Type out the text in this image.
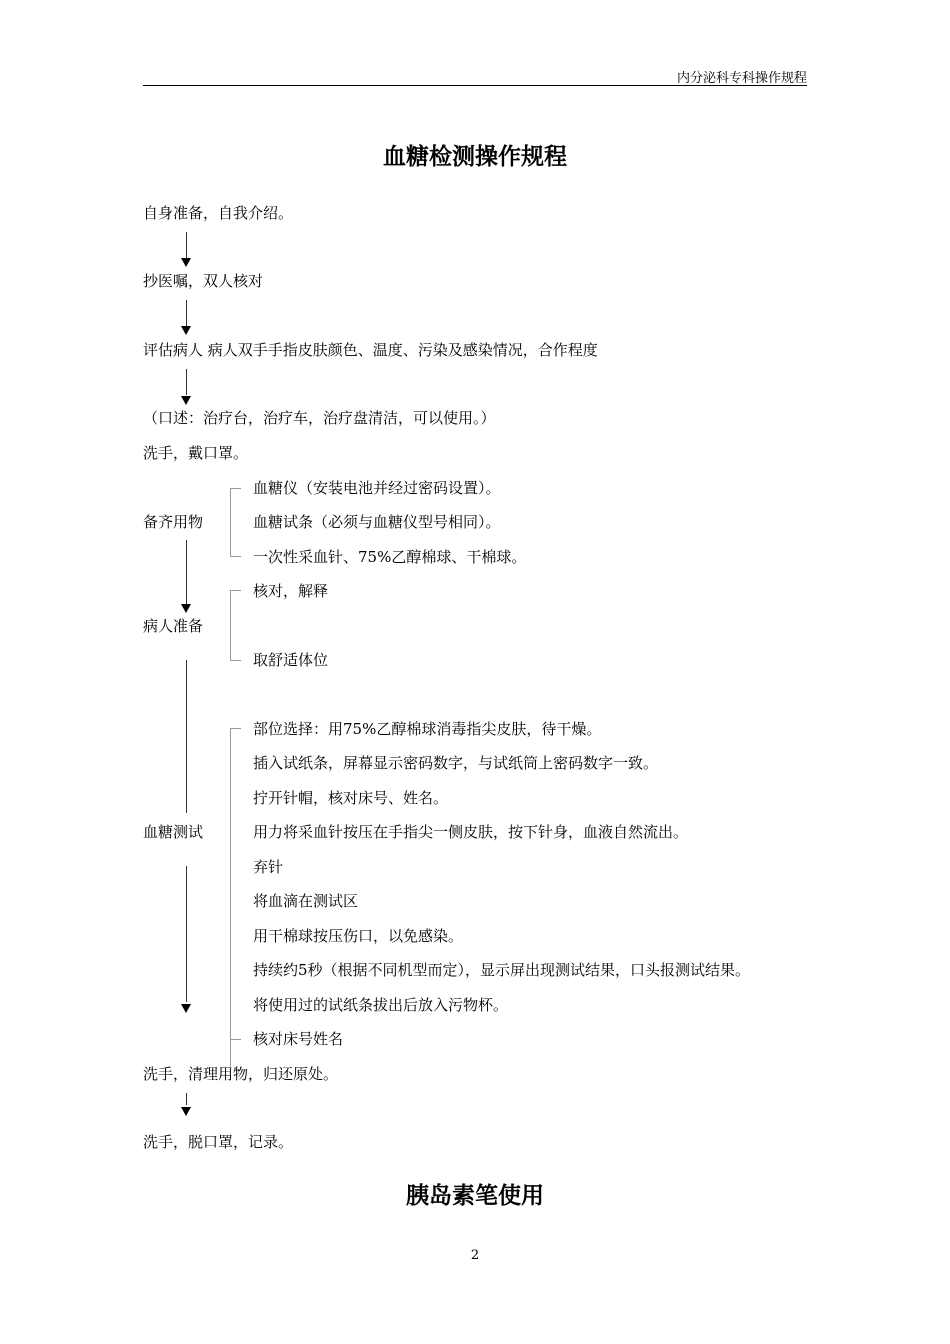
内分泌科专科操作规程
血糖检测操作规程
自身准备，自我介绍。
抄医嘱，双人核对
评估病人 病人双手手指皮肤颜色、温度、污染及感染情况，合作程度
（口述：治疗台，治疗车，治疗盘清洁，可以使用。）
洗手，戴口罩。
备齐用物
病人准备
血糖测试
洗手，清理用物，归还原处。
洗手，脱口罩，记录。
血糖仪（安装电池并经过密码设置）。
血糖试条（必须与血糖仪型号相同）。
一次性采血针、75%乙醇棉球、干棉球。
核对，解释
取舒适体位
部位选择：用75%乙醇棉球消毒指尖皮肤，待干燥。
插入试纸条，屏幕显示密码数字，与试纸筒上密码数字一致。
拧开针帽，核对床号、姓名。
用力将采血针按压在手指尖一侧皮肤，按下针身，血液自然流出。
弃针
将血滴在测试区
用干棉球按压伤口，以免感染。
持续约5秒（根据不同机型而定），显示屏出现测试结果，口头报测试结果。
将使用过的试纸条拔出后放入污物杯。
核对床号姓名
胰岛素笔使用
2
